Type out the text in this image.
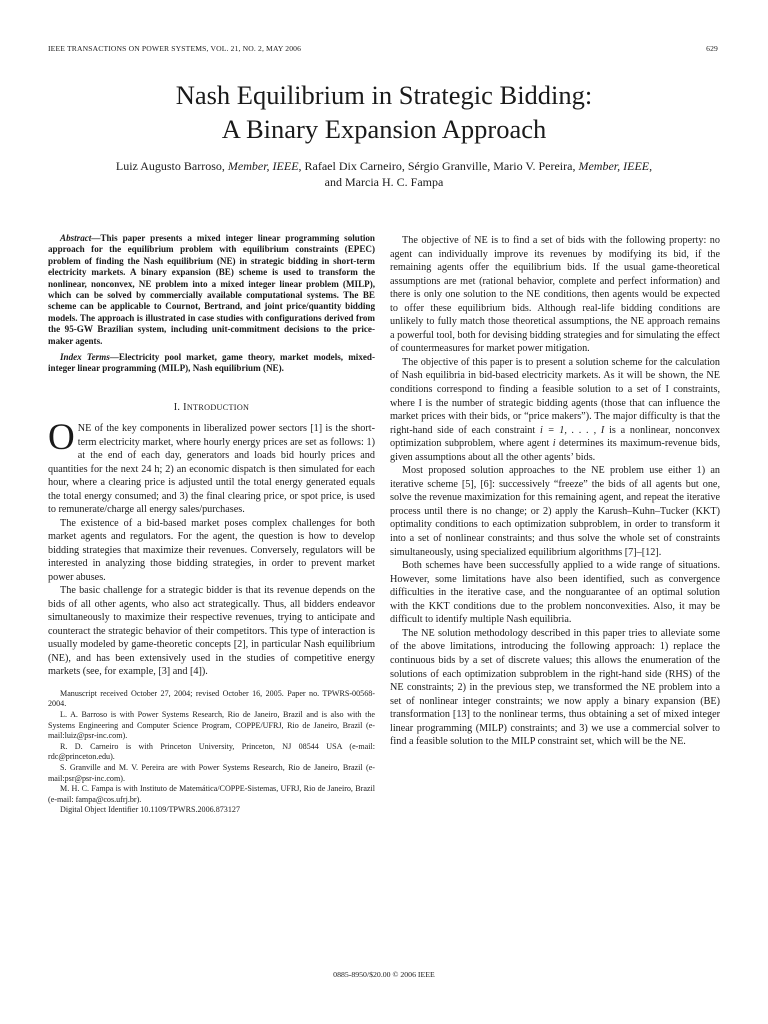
IEEE TRANSACTIONS ON POWER SYSTEMS, VOL. 21, NO. 2, MAY 2006	629
Nash Equilibrium in Strategic Bidding:
A Binary Expansion Approach
Luiz Augusto Barroso, Member, IEEE, Rafael Dix Carneiro, Sérgio Granville, Mario V. Pereira, Member, IEEE,
and Marcia H. C. Fampa

Abstract—This paper presents a mixed integer linear programming solution approach for the equilibrium problem with equilibrium constraints (EPEC) problem of finding the Nash equilibrium (NE) in strategic bidding in short-term electricity markets. A binary expansion (BE) scheme is used to transform the nonlinear, nonconvex, NE problem into a mixed integer linear problem (MILP), which can be solved by commercially available computational systems. The BE scheme can be applicable to Cournot, Bertrand, and joint price/quantity bidding models. The approach is illustrated in case studies with configurations derived from the 95-GW Brazilian system, including unit-commitment decisions to the price-maker agents.

Index Terms—Electricity pool market, game theory, market models, mixed-integer linear programming (MILP), Nash equilibrium (NE).

I. INTRODUCTION

ONE of the key components in liberalized power sectors [1] is the short-term electricity market, where hourly energy prices are set as follows: 1) at the end of each day, generators and loads bid hourly prices and quantities for the next 24 h; 2) an economic dispatch is then simulated for each hour, where a clearing price is adjusted until the total energy generated equals the total energy consumed; and 3) the final clearing price, or spot price, is used to remunerate/charge all energy sales/purchases.

The existence of a bid-based market poses complex challenges for both market agents and regulators. For the agent, the question is how to develop bidding strategies that maximize their revenues. Conversely, regulators will be interested in analyzing those bidding strategies, in order to prevent market power abuses.

The basic challenge for a strategic bidder is that its revenue depends on the bids of all other agents, who also act strategically. Thus, all bidders endeavor simultaneously to maximize their respective revenues, trying to anticipate and counteract the strategic behavior of their competitors. This type of interaction is usually modeled by game-theoretic concepts [2], in particular Nash equilibrium (NE), and has been extensively used in the studies of competitive energy markets (see, for example, [3] and [4]).

Manuscript received October 27, 2004; revised October 16, 2005. Paper no. TPWRS-00568-2004.

L. A. Barroso is with Power Systems Research, Rio de Janeiro, Brazil and is also with the Systems Engineering and Computer Science Program, COPPE/UFRJ, Rio de Janeiro, Brazil (e-mail:luiz@psr-inc.com).

R. D. Carneiro is with Princeton University, Princeton, NJ 08544 USA (e-mail: rdc@princeton.edu).

S. Granville and M. V. Pereira are with Power Systems Research, Rio de Janeiro, Brazil (e-mail:psr@psr-inc.com).

M. H. C. Fampa is with Instituto de Matemática/COPPE-Sistemas, UFRJ, Rio de Janeiro, Brazil (e-mail: fampa@cos.ufrj.br).

Digital Object Identifier 10.1109/TPWRS.2006.873127

The objective of NE is to find a set of bids with the following property: no agent can individually improve its revenues by modifying its bid, if the remaining agents offer the equilibrium bids. If the usual game-theoretical assumptions are met (rational behavior, complete and perfect information) and there is only one solution to the NE conditions, then agents would be expected to offer these equilibrium bids. Although real-life bidding conditions are unlikely to fully match those theoretical assumptions, the NE approach remains a powerful tool, both for devising bidding strategies and for simulating the effect of countermeasures for market power mitigation.

The objective of this paper is to present a solution scheme for the calculation of Nash equilibria in bid-based electricity markets. As it will be shown, the NE conditions correspond to finding a feasible solution to a set of I constraints, where I is the number of strategic bidding agents (those that can influence the market prices with their bids, or “price makers”). The major difficulty is that the right-hand side of each constraint i = 1, . . . , I is a nonlinear, nonconvex optimization subproblem, where agent i determines its maximum-revenue bids, given assumptions about all the other agents’ bids.

Most proposed solution approaches to the NE problem use either 1) an iterative scheme [5], [6]: successively “freeze” the bids of all agents but one, solve the revenue maximization for this remaining agent, and repeat the iterative process until there is no change; or 2) apply the Karush–Kuhn–Tucker (KKT) optimality conditions to each optimization subproblem, in order to transform it into a set of nonlinear constraints; and thus solve the whole set of constraints simultaneously, using specialized equilibrium algorithms [7]–[12].

Both schemes have been successfully applied to a wide range of situations. However, some limitations have also been identified, such as convergence difficulties in the iterative case, and the nonguarantee of an optimal solution with the KKT conditions due to the problem nonconvexities. Also, it may be difficult to identify multiple Nash equilibria.

The NE solution methodology described in this paper tries to alleviate some of the above limitations, introducing the following approach: 1) replace the continuous bids by a set of discrete values; this allows the enumeration of the solutions of each optimization subproblem in the right-hand side (RHS) of the NE constraints; 2) in the previous step, we transformed the NE problem into a set of nonlinear integer constraints; we now apply a binary expansion (BE) transformation [13] to the nonlinear terms, thus obtaining a set of mixed integer linear programming (MILP) constraints; and 3) we use a commercial solver to find a feasible solution to the MILP constraint set, which will be the NE.

0885-8950/$20.00 © 2006 IEEE
